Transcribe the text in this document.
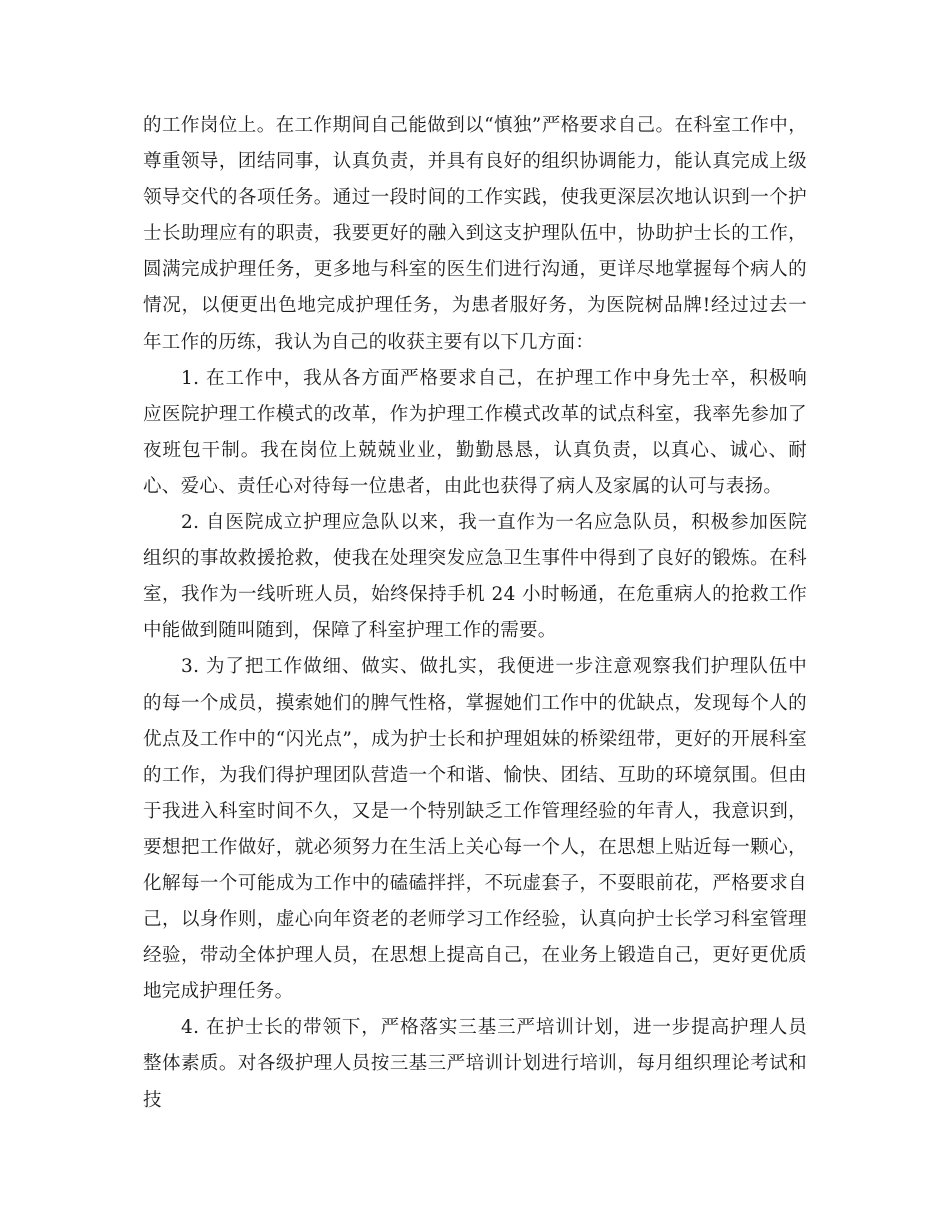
的工作岗位上。在工作期间自己能做到以“慎独”严格要求自己。在科室工作中，尊重领导，团结同事，认真负责，并具有良好的组织协调能力，能认真完成上级领导交代的各项任务。通过一段时间的工作实践，使我更深层次地认识到一个护士长助理应有的职责，我要更好的融入到这支护理队伍中，协助护士长的工作，圆满完成护理任务，更多地与科室的医生们进行沟通，更详尽地掌握每个病人的情况，以便更出色地完成护理任务，为患者服好务，为医院树品牌!经过过去一年工作的历练，我认为自己的收获主要有以下几方面：

1. 在工作中，我从各方面严格要求自己，在护理工作中身先士卒，积极响应医院护理工作模式的改革，作为护理工作模式改革的试点科室，我率先参加了夜班包干制。我在岗位上兢兢业业，勤勤恳恳，认真负责，以真心、诚心、耐心、爱心、责任心对待每一位患者，由此也获得了病人及家属的认可与表扬。

2. 自医院成立护理应急队以来，我一直作为一名应急队员，积极参加医院组织的事故救援抢救，使我在处理突发应急卫生事件中得到了良好的锻炼。在科室，我作为一线听班人员，始终保持手机 24 小时畅通，在危重病人的抢救工作中能做到随叫随到，保障了科室护理工作的需要。

3. 为了把工作做细、做实、做扎实，我便进一步注意观察我们护理队伍中的每一个成员，摸索她们的脾气性格，掌握她们工作中的优缺点，发现每个人的优点及工作中的“闪光点”，成为护士长和护理姐妹的桥梁纽带，更好的开展科室的工作，为我们得护理团队营造一个和谐、愉快、团结、互助的环境氛围。但由于我进入科室时间不久，又是一个特别缺乏工作管理经验的年青人，我意识到，要想把工作做好，就必须努力在生活上关心每一个人，在思想上贴近每一颗心，化解每一个可能成为工作中的磕磕拌拌，不玩虚套子，不耍眼前花，严格要求自己，以身作则，虚心向年资老的老师学习工作经验，认真向护士长学习科室管理经验，带动全体护理人员，在思想上提高自己，在业务上锻造自己，更好更优质地完成护理任务。

4. 在护士长的带领下，严格落实三基三严培训计划，进一步提高护理人员整体素质。对各级护理人员按三基三严培训计划进行培训，每月组织理论考试和技
